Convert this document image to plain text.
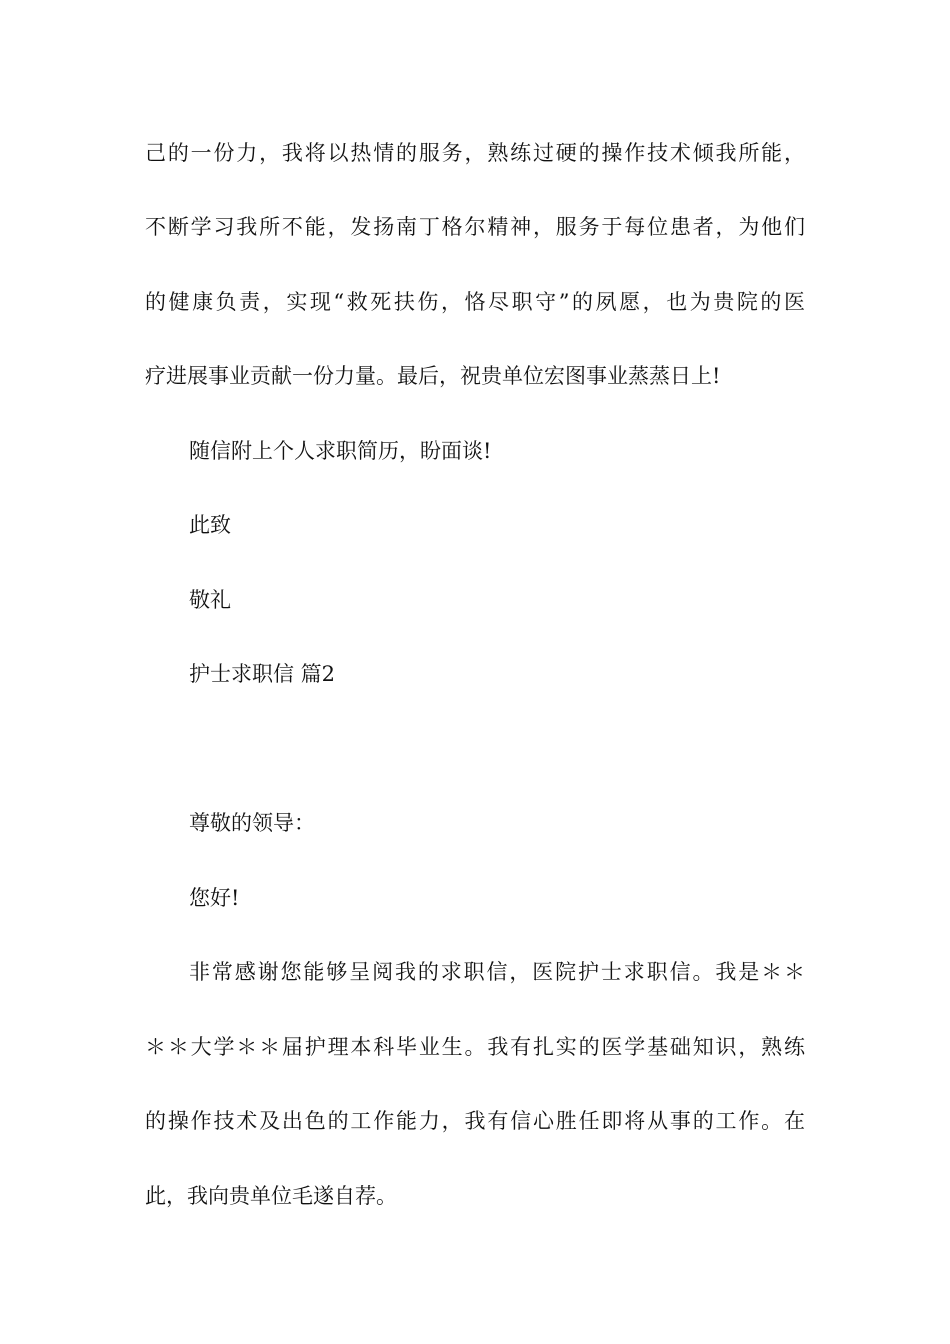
己的一份力，我将以热情的服务，熟练过硬的操作技术倾我所能，
不断学习我所不能，发扬南丁格尔精神，服务于每位患者，为他们
的健康负责，实现“救死扶伤，恪尽职守”的夙愿，也为贵院的医
疗进展事业贡献一份力量。最后，祝贵单位宏图事业蒸蒸日上!
随信附上个人求职简历，盼面谈!
此致
敬礼
护士求职信 篇2
尊敬的领导：
您好!
非常感谢您能够呈阅我的求职信，医院护士求职信。我是＊＊
＊＊大学＊＊届护理本科毕业生。我有扎实的医学基础知识，熟练
的操作技术及出色的工作能力，我有信心胜任即将从事的工作。在
此，我向贵单位毛遂自荐。
